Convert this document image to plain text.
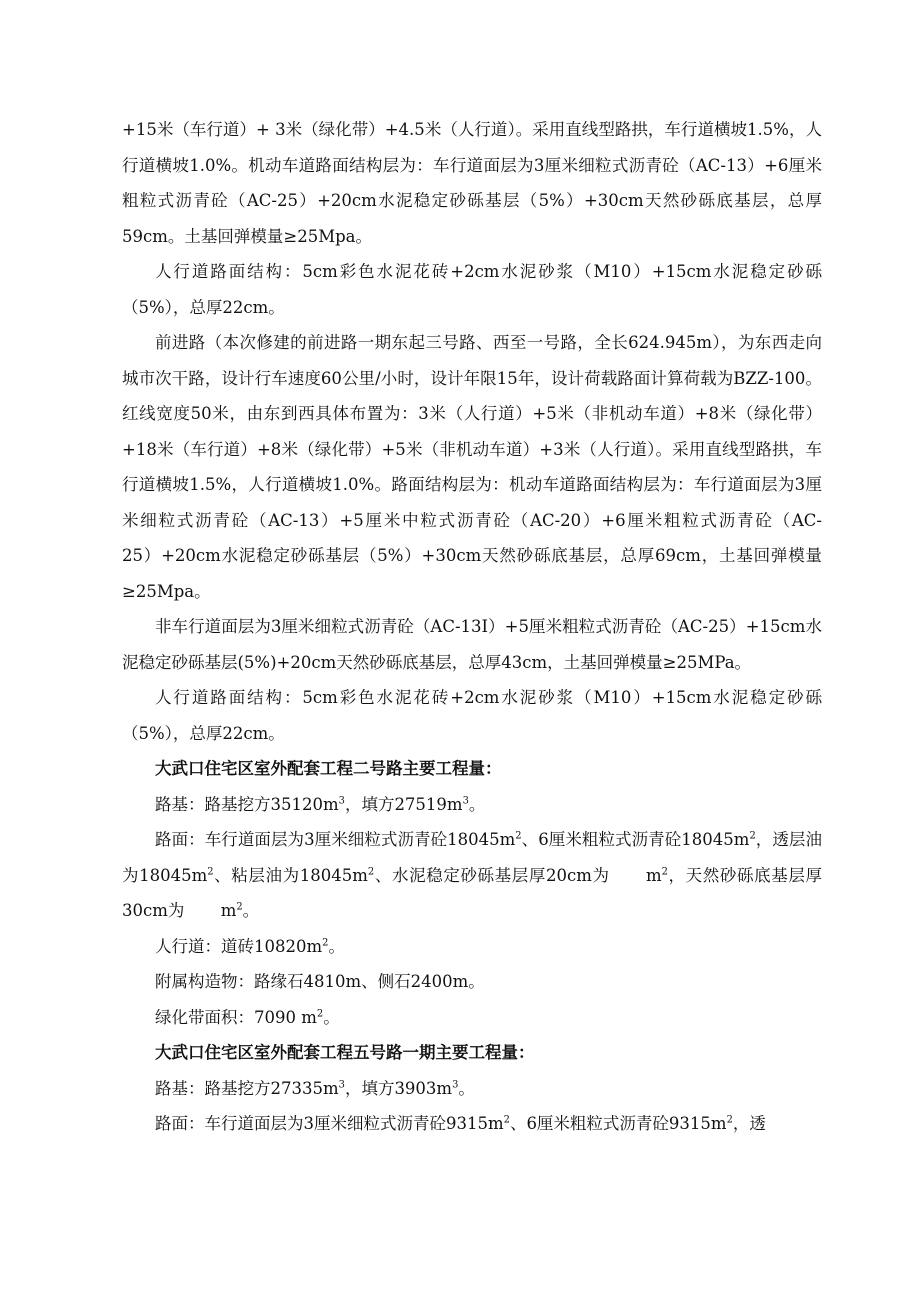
+15米（车行道）+ 3米（绿化带）+4.5米（人行道）。采用直线型路拱，车行道横坡1.5%，人行道横坡1.0%。机动车道路面结构层为：车行道面层为3厘米细粒式沥青砼（AC-13）+6厘米粗粒式沥青砼（AC-25）+20cm水泥稳定砂砾基层（5%）+30cm天然砂砾底基层，总厚59cm。土基回弹模量≥25Mpa。

人行道路面结构：5cm彩色水泥花砖+2cm水泥砂浆（M10）+15cm水泥稳定砂砾（5%），总厚22cm。

前进路（本次修建的前进路一期东起三号路、西至一号路，全长624.945m），为东西走向城市次干路，设计行车速度60公里/小时，设计年限15年，设计荷载路面计算荷载为BZZ-100。红线宽度50米，由东到西具体布置为：3米（人行道）+5米（非机动车道）+8米（绿化带）+18米（车行道）+8米（绿化带）+5米（非机动车道）+3米（人行道）。采用直线型路拱，车行道横坡1.5%，人行道横坡1.0%。路面结构层为：机动车道路面结构层为：车行道面层为3厘米细粒式沥青砼（AC-13）+5厘米中粒式沥青砼（AC-20）+6厘米粗粒式沥青砼（AC-25）+20cm水泥稳定砂砾基层（5%）+30cm天然砂砾底基层，总厚69cm，土基回弹模量≥25Mpa。

非车行道面层为3厘米细粒式沥青砼（AC-13I）+5厘米粗粒式沥青砼（AC-25）+15cm水泥稳定砂砾基层(5%)+20cm天然砂砾底基层，总厚43cm，土基回弹模量≥25MPa。

人行道路面结构：5cm彩色水泥花砖+2cm水泥砂浆（M10）+15cm水泥稳定砂砾（5%），总厚22cm。

大武口住宅区室外配套工程二号路主要工程量：

路基：路基挖方$35120m^3$，填方$27519m^3$。

路面：车行道面层为3厘米细粒式沥青砼$18045m^2$、6厘米粗粒式沥青砼$18045m^2$，透层油为$18045m^2$、粘层油为$18045m^2$、水泥稳定砂砾基层厚20cm为 $m^2$，天然砂砾底基层厚30cm为 $m^2$。

人行道：道砖$10820m^2$。

附属构造物：路缘石4810m、侧石2400m。

绿化带面积：7090 $m^2$。

大武口住宅区室外配套工程五号路一期主要工程量：

路基：路基挖方$27335m^3$，填方$3903m^3$。

路面：车行道面层为3厘米细粒式沥青砼$9315m^2$、6厘米粗粒式沥青砼$9315m^2$，透
